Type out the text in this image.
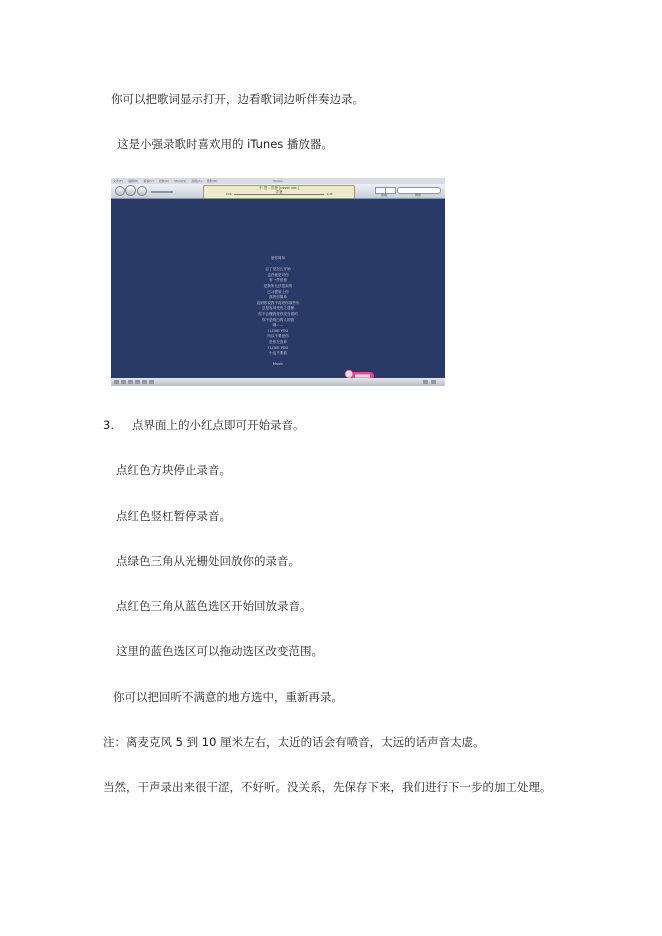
你可以把歌词显示打开，边看歌词边听伴奏边录。
这是小强录歌时喜欢用的 iTunes 播放器。
文件(F) 编辑(E) 查看(V) 控制(C) Store(S) 高级(A) 帮助(H)	iTunes
小 苍 - 洋葱 [cover ver.]
洋葱
0:06	-4:45	查看	搜索
爱你简单

忘了是怎么开始
也许就是对你
有一件爱意
是我所无法忽视的
已习惯爱上你
真的你简单
直到你说我不再爱你那些年
总是容易受伤之遗憾
你不会懂我变你变当着的
你不是明白的人的我
哦……
I LOVE YOU
所以不要爱你
是你在放弃
I LOVE YOU
小也不要看

Music
3. 点界面上的小红点即可开始录音。
点红色方块停止录音。
点红色竖杠暂停录音。
点绿色三角从光栅处回放你的录音。
点红色三角从蓝色选区开始回放录音。
这里的蓝色选区可以拖动选区改变范围。
你可以把回听不满意的地方选中，重新再录。
注：离麦克风 5 到 10 厘米左右，太近的话会有喷音，太远的话声音太虚。
当然，干声录出来很干涩，不好听。没关系，先保存下来，我们进行下一步的加工处理。
